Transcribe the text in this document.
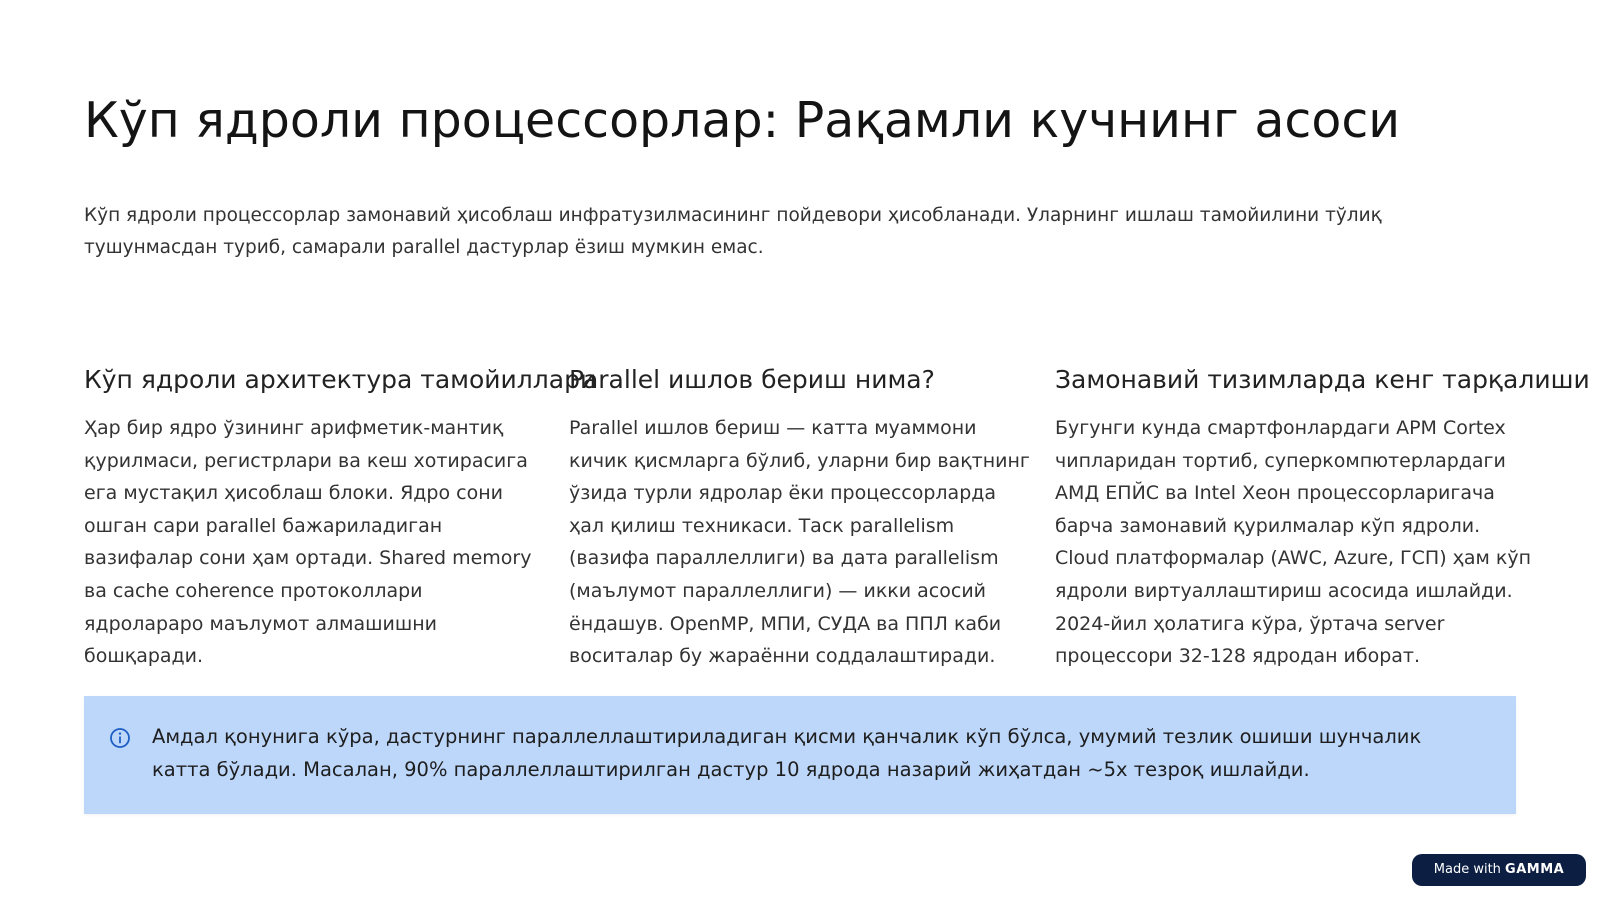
Кўп ядроли процессорлар: Рақамли кучнинг асоси

Кўп ядроли процессорлар замонавий ҳисоблаш инфратузилмасининг пойдевори ҳисобланади. Уларнинг ишлаш тамойилини тўлиқ тушунмасдан туриб, самарали parallel дастурлар ёзиш мумкин емас.

Кўп ядроли архитектура тамойиллари

Ҳар бир ядро ўзининг арифметик-мантиқ қурилмаси, регистрлари ва кеш хотирасига ега мустақил ҳисоблаш блоки. Ядро сони ошган сари parallel бажариладиган вазифалар сони ҳам ортади. Shared memory ва cache coherence протоколлари ядролараро маълумот алмашишни бошқаради.

Parallel ишлов бериш нима?

Parallel ишлов бериш — катта муаммони кичик қисмларга бўлиб, уларни бир вақтнинг ўзида турли ядролар ёки процессорларда ҳал қилиш техникаси. Таск parallelism (вазифа параллеллиги) ва дата parallelism (маълумот параллеллиги) — икки асосий ёндашув. OpenMP, МПИ, СУДА ва ППЛ каби воситалар бу жараённи соддалаштиради.

Замонавий тизимларда кенг тарқалиши

Бугунги кунда смартфонлардаги АРМ Cortex чипларидан тортиб, суперкомпютерлардаги АМД ЕПЙС ва Intel Хеон процессорларигача барча замонавий қурилмалар кўп ядроли. Cloud платформалар (AWC, Azure, ГСП) ҳам кўп ядроли виртуаллаштириш асосида ишлайди. 2024-йил ҳолатига кўра, ўртача server процессори 32-128 ядродан иборат.

Амдал қонунига кўра, дастурнинг параллеллаштириладиган қисми қанчалик кўп бўлса, умумий тезлик ошиши шунчалик катта бўлади. Масалан, 90% параллеллаштирилган дастур 10 ядрода назарий жиҳатдан ~5х тезроқ ишлайди.

Made with GAMMA
